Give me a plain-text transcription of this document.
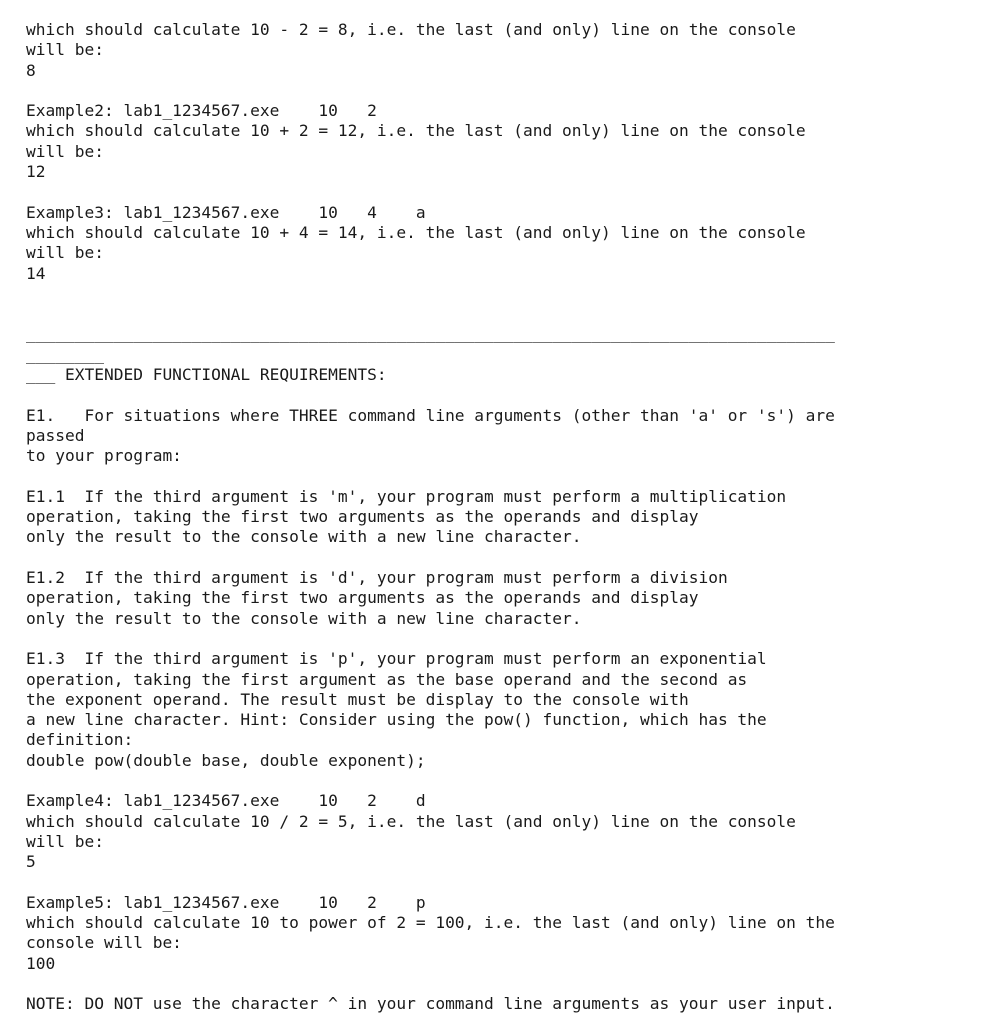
which should calculate 10 - 2 = 8, i.e. the last (and only) line on the console
will be:
8
Example2: lab1_1234567.exe    10   2
which should calculate 10 + 2 = 12, i.e. the last (and only) line on the console
will be:
12
Example3: lab1_1234567.exe    10   4    a
which should calculate 10 + 4 = 14, i.e. the last (and only) line on the console
will be:
14
___________________________________________________________________________________
________
___ EXTENDED FUNCTIONAL REQUIREMENTS:
E1.   For situations where THREE command line arguments (other than 'a' or 's') are
passed
to your program:
E1.1  If the third argument is 'm', your program must perform a multiplication
operation, taking the first two arguments as the operands and display
only the result to the console with a new line character.
E1.2  If the third argument is 'd', your program must perform a division
operation, taking the first two arguments as the operands and display
only the result to the console with a new line character.
E1.3  If the third argument is 'p', your program must perform an exponential
operation, taking the first argument as the base operand and the second as
the exponent operand. The result must be display to the console with
a new line character. Hint: Consider using the pow() function, which has the
definition:
double pow(double base, double exponent);
Example4: lab1_1234567.exe    10   2    d
which should calculate 10 / 2 = 5, i.e. the last (and only) line on the console
will be:
5
Example5: lab1_1234567.exe    10   2    p
which should calculate 10 to power of 2 = 100, i.e. the last (and only) line on the
console will be:
100
NOTE: DO NOT use the character ^ in your command line arguments as your user input.
